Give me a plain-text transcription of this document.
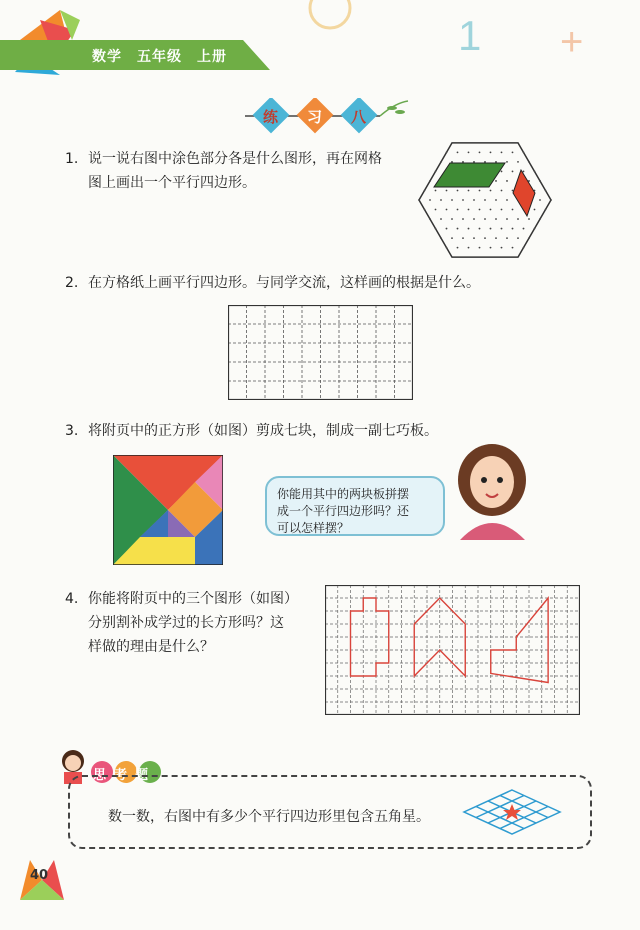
1 +
数学　五年级　上册
练 习 八
1. 说一说右图中涂色部分各是什么图形，再在网格
图上画出一个平行四边形。
2. 在方格纸上画平行四边形。与同学交流，这样画的根据是什么。
3. 将附页中的正方形（如图）剪成七块，制成一副七巧板。
你能用其中的两块板拼摆
成一个平行四边形吗？还
可以怎样摆？
4. 你能将附页中的三个图形（如图）
分别割补成学过的长方形吗？这
样做的理由是什么？
思考题
数一数，右图中有多少个平行四边形里包含五角星。
40
